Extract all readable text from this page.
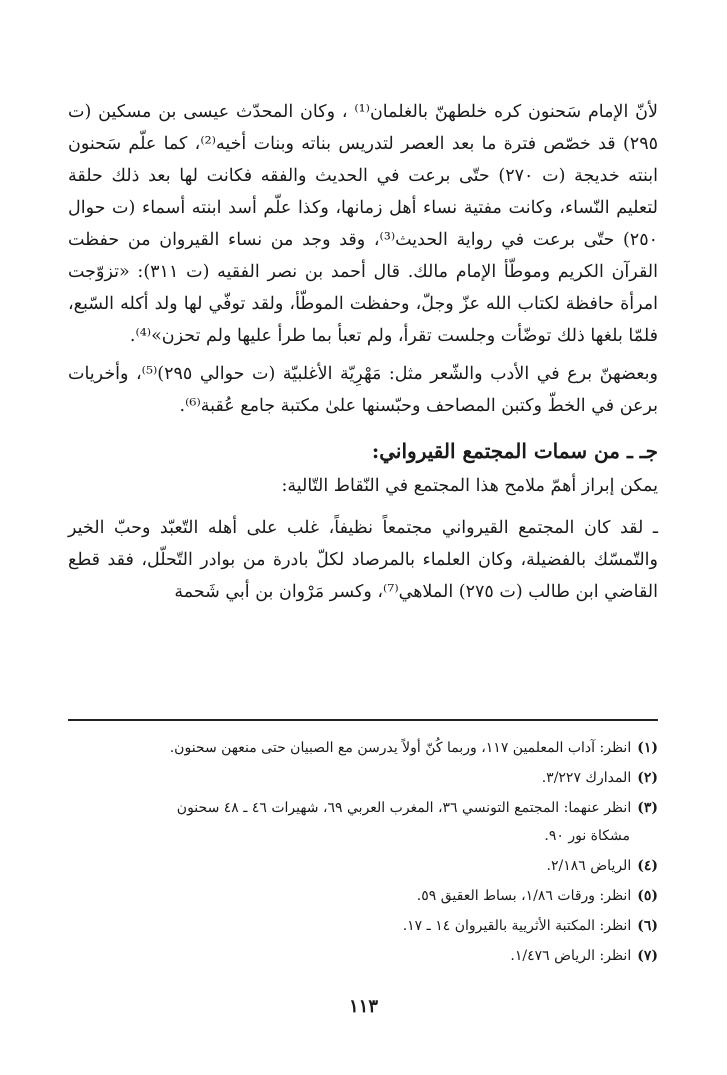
لأنّ الإمام سَحنون كره خلطهنّ بالغلمان⁽¹⁾ ، وكان المحدّث عيسى بن مسكين (ت ٢٩٥) قد خصّص فترة ما بعد العصر لتدريس بناته وبنات أخيه⁽²⁾، كما علّم سَحنون ابنته خديجة (ت ٢٧٠) حتّى برعت في الحديث والفقه فكانت لها بعد ذلك حلقة لتعليم النّساء، وكانت مفتية نساء أهل زمانها، وكذا علّم أسد ابنته أسماء (ت حوال ٢٥٠) حتّى برعت في رواية الحديث⁽³⁾، وقد وجد من نساء القيروان من حفظت القرآن الكريم وموطّأ الإمام مالك. قال أحمد بن نصر الفقيه (ت ٣١١): «تزوّجت امرأة حافظة لكتاب الله عزّ وجلّ، وحفظت الموطّأ، ولقد توفّي لها ولد أكله السّبع، فلمّا بلغها ذلك توضّأت وجلست تقرأ، ولم تعبأ بما طرأ عليها ولم تحزن»⁽⁴⁾.

وبعضهنّ برع في الأدب والشّعر مثل: مَهْرِيّة الأغلبيّة (ت حوالي ٢٩٥)⁽⁵⁾، وأخريات برعن في الخطّ وكتبن المصاحف وحبّسنها علىٰ مكتبة جامع عُقبة⁽⁶⁾.

جـ ـ من سمات المجتمع القيرواني:

يمكن إبراز أهمّ ملامح هذا المجتمع في النّقاط التّالية:

ـ لقد كان المجتمع القيرواني مجتمعاً نظيفاً، غلب على أهله التّعبّد وحبّ الخير والتّمسّك بالفضيلة، وكان العلماء بالمرصاد لكلّ بادرة من بوادر التّحلّل، فقد قطع القاضي ابن طالب (ت ٢٧٥) الملاهي⁽⁷⁾، وكسر مَرْوان بن أبي شَحمة

(١)انظر: آداب المعلمين ١١٧، وربما كُنّ أولاً يدرسن مع الصبيان حتى منعهن سحنون.
(٢)المدارك ٣/٢٢٧.
(٣)انظر عنهما: المجتمع التونسي ٣٦، المغرب العربي ٦٩، شهيرات ٤٦ ـ ٤٨ سحنون
مشكاة نور ٩٠.
(٤)الرياض ٢/١٨٦.
(٥)انظر: ورقات ١/٨٦، بساط العقيق ٥٩.
(٦)انظر: المكتبة الأثريية بالقيروان ١٤ ـ ١٧.
(٧)انظر: الرياض ١/٤٧٦.
١١٣
